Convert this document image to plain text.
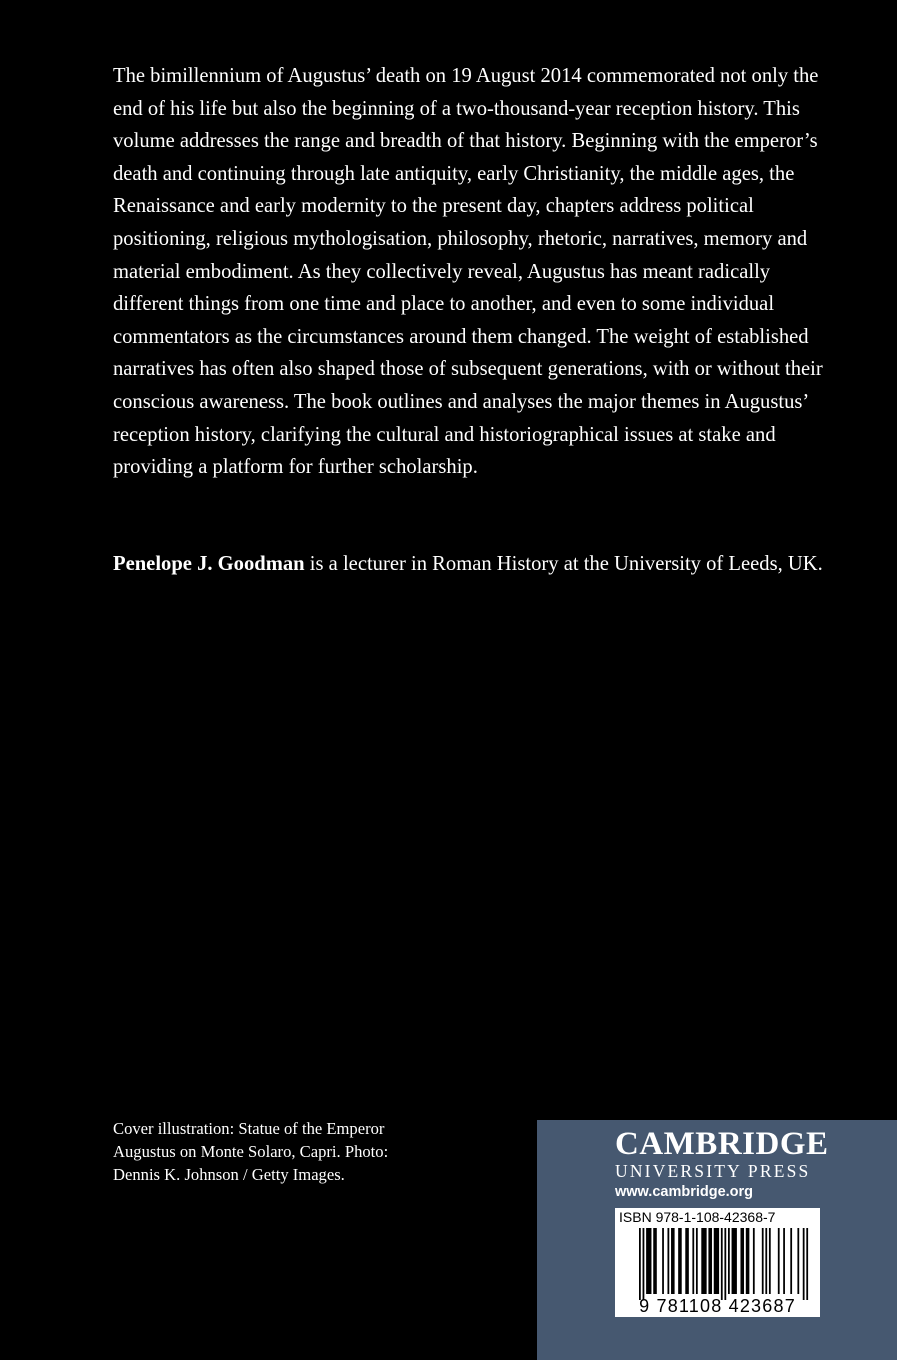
The bimillennium of Augustus’ death on 19 August 2014 commemorated not only the end of his life but also the beginning of a two-thousand-year reception history. This volume addresses the range and breadth of that history. Beginning with the emperor’s death and continuing through late antiquity, early Christianity, the middle ages, the Renaissance and early modernity to the present day, chapters address political positioning, religious mythologisation, philosophy, rhetoric, narratives, memory and material embodiment. As they collectively reveal, Augustus has meant radically different things from one time and place to another, and even to some individual commentators as the circumstances around them changed. The weight of established narratives has often also shaped those of subsequent generations, with or without their conscious awareness. The book outlines and analyses the major themes in Augustus’ reception history, clarifying the cultural and historiographical issues at stake and providing a platform for further scholarship.

Penelope J. Goodman is a lecturer in Roman History at the University of Leeds, UK.

Cover illustration: Statue of the Emperor Augustus on Monte Solaro, Capri. Photo: Dennis K. Johnson / Getty Images.

CAMBRIDGE
UNIVERSITY PRESS
www.cambridge.org
ISBN 978-1-108-42368-7
9 781108 423687
